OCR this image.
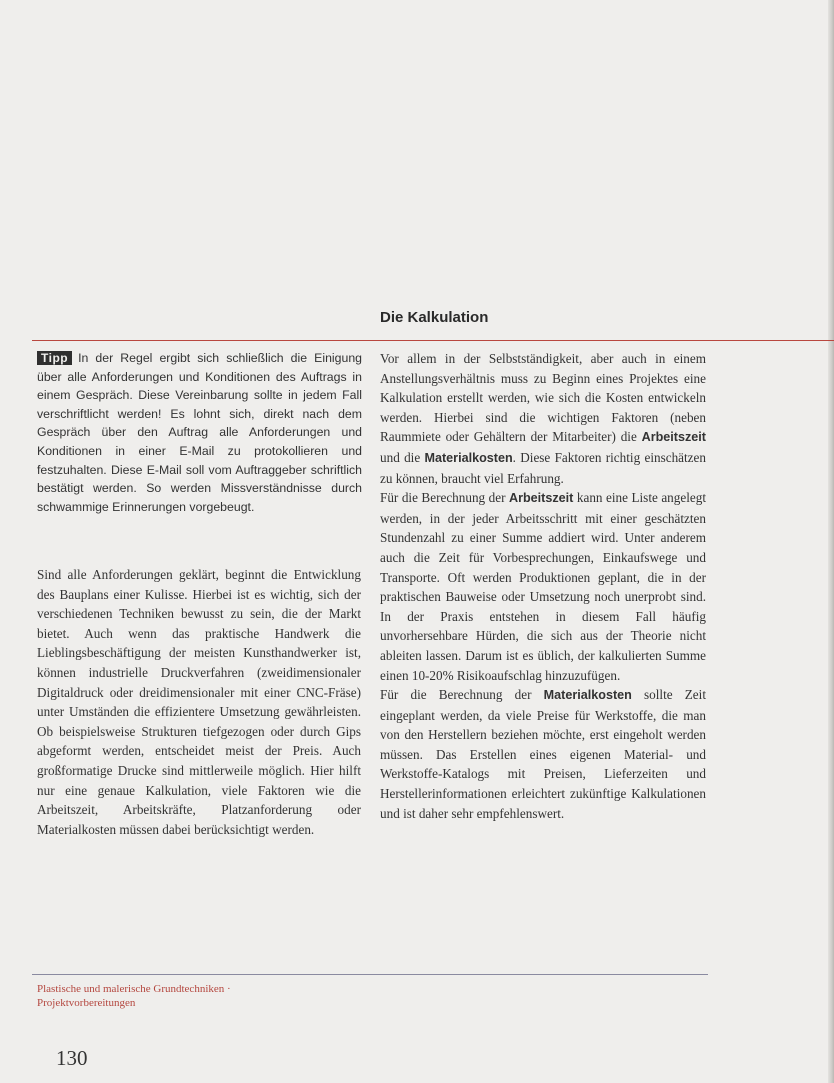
Die Kalkulation
Tipp In der Regel ergibt sich schließlich die Einigung über alle Anforderungen und Konditionen des Auftrags in einem Gespräch. Diese Vereinbarung sollte in jedem Fall verschriftlicht werden! Es lohnt sich, direkt nach dem Gespräch über den Auftrag alle Anforderungen und Konditionen in einer E-Mail zu protokollieren und festzuhalten. Diese E-Mail soll vom Auftraggeber schriftlich bestätigt werden. So werden Missverständnisse durch schwammige Erinnerungen vorgebeugt.

Sind alle Anforderungen geklärt, beginnt die Entwicklung des Bauplans einer Kulisse. Hierbei ist es wichtig, sich der verschiedenen Techniken bewusst zu sein, die der Markt bietet. Auch wenn das praktische Handwerk die Lieblingsbeschäftigung der meisten Kunsthandwerker ist, können industrielle Druckverfahren (zweidimensionaler Digitaldruck oder dreidimensionaler mit einer CNC-Fräse) unter Umständen die effizientere Umsetzung gewährleisten. Ob beispielsweise Strukturen tiefgezogen oder durch Gips abgeformt werden, entscheidet meist der Preis. Auch großformatige Drucke sind mittlerweile möglich. Hier hilft nur eine genaue Kalkulation, viele Faktoren wie die Arbeitszeit, Arbeitskräfte, Platzanforderung oder Materialkosten müssen dabei berücksichtigt werden.

Vor allem in der Selbstständigkeit, aber auch in einem Anstellungsverhältnis muss zu Beginn eines Projektes eine Kalkulation erstellt werden, wie sich die Kosten entwickeln werden. Hierbei sind die wichtigen Faktoren (neben Raummiete oder Gehältern der Mitarbeiter) die Arbeitszeit und die Materialkosten. Diese Faktoren richtig einschätzen zu können, braucht viel Erfahrung.

Für die Berechnung der Arbeitszeit kann eine Liste angelegt werden, in der jeder Arbeitsschritt mit einer geschätzten Stundenzahl zu einer Summe addiert wird. Unter anderem auch die Zeit für Vorbesprechungen, Einkaufswege und Transporte. Oft werden Produktionen geplant, die in der praktischen Bauweise oder Umsetzung noch unerprobt sind. In der Praxis entstehen in diesem Fall häufig unvorhersehbare Hürden, die sich aus der Theorie nicht ableiten lassen. Darum ist es üblich, der kalkulierten Summe einen 10-20% Risikoaufschlag hinzuzufügen.

Für die Berechnung der Materialkosten sollte Zeit eingeplant werden, da viele Preise für Werkstoffe, die man von den Herstellern beziehen möchte, erst eingeholt werden müssen. Das Erstellen eines eigenen Material- und Werkstoffe-Katalogs mit Preisen, Lieferzeiten und Herstellerinformationen erleichtert zukünftige Kalkulationen und ist daher sehr empfehlenswert.

Plastische und malerische Grundtechniken ·
Projektvorbereitungen
130
